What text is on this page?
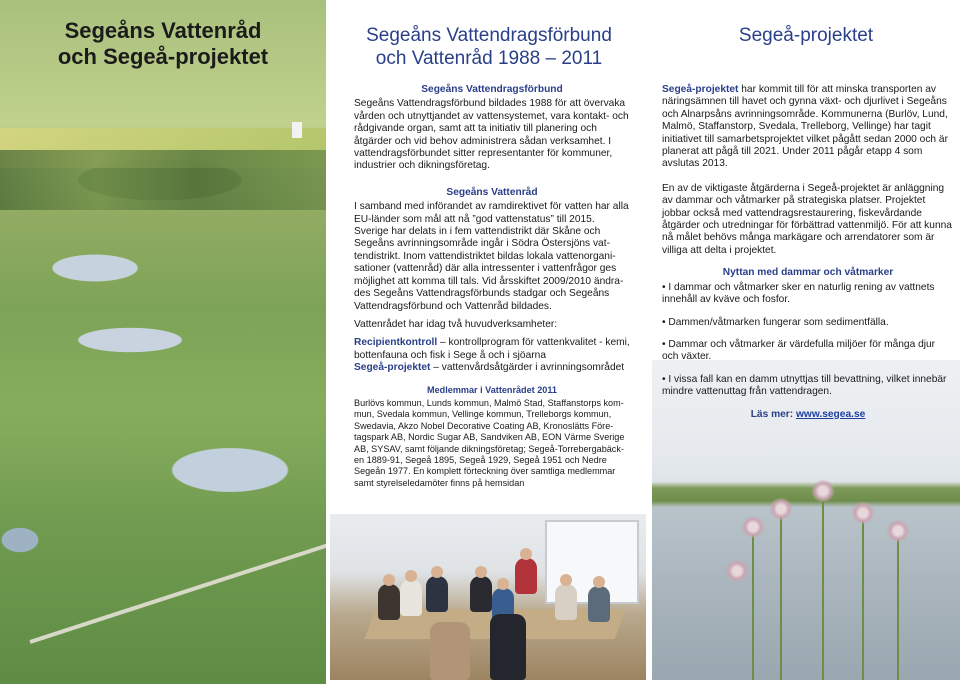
Segeåns Vattenråd
och Segeå-projektet
Segeåns Vattendragsförbund
och Vattenråd 1988 – 2011
Segeåns Vattendragsförbund

Segeåns Vattendragsförbund bildades 1988 för att övervaka vården och utnyttjandet av vattensystemet, vara kontakt- och rådgivande organ, samt att ta initiativ till planering och åtgärder och vid behov administrera sådan verksamhet. I vattendragsförbundet sitter representanter för kommuner, industrier och dikningsföretag.

Segeåns Vattenråd

I samband med införandet av ramdirektivet för vatten har alla EU-länder som mål att nå ”god vattenstatus” till 2015. Sverige har delats in i fem vattendistrikt där Skåne och Segeåns avrinningsområde ingår i Södra Östersjöns vattendistrikt. Inom vattendistriktet bildas lokala vattenorganisationer (vattenråd) där alla intressenter i vattenfrågor ges möjlighet att komma till tals. Vid årsskiftet 2009/2010 ändrades Segeåns Vattendragsförbunds stadgar och Segeåns Vattendragsförbund och Vattenråd bildades.

Vattenrådet har idag två huvudverksamheter:

Recipientkontroll – kontrollprogram för vattenkvalitet - kemi, bottenfauna och fisk i Sege å och i sjöarna
Segeå-projektet – vattenvårdsåtgärder i avrinningsområdet

Medlemmar i Vattenrådet 2011

Burlövs kommun, Lunds kommun, Malmö Stad, Staffanstorps kommun, Svedala kommun, Vellinge kommun, Trelleborgs kommun, Swedavia, Akzo Nobel Decorative Coating AB, Kronoslätts Företagspark AB, Nordic Sugar AB, Sandviken AB, EON Värme Sverige AB, SYSAV, samt följande dikningsföretag; Segeå-Torrebergabäcken 1889-91, Segeå 1895, Segeå 1929, Segeå 1951 och Nedre Segeån 1977. En komplett förteckning över samtliga medlemmar samt styrelseledamöter finns på hemsidan

Segeå-projektet

Segeå-projektet har kommit till för att minska transporten av näringsämnen till havet och gynna växt- och djurlivet i Segeåns och Alnarpsåns avrinningsområde. Kommunerna (Burlöv, Lund, Malmö, Staffanstorp, Svedala, Trelleborg, Vellinge) har tagit initiativet till samarbetsprojektet vilket pågått sedan 2000 och är planerat att pågå till 2021. Under 2011 pågår etapp 4 som avslutas 2013.

En av de viktigaste åtgärderna i Segeå-projektet är anläggning av dammar och våtmarker på strategiska platser. Projektet jobbar också med vattendragsrestaurering, fiskevårdande åtgärder och utredningar för förbättrad vattenmiljö. För att kunna nå målet behövs många markägare och arrendatorer som är villiga att delta i projektet.

Nyttan med dammar och våtmarker
• I dammar och våtmarker sker en naturlig rening av vattnets innehåll av kväve och fosfor.
• Dammen/våtmarken fungerar som sedimentfälla.
• Dammar och våtmarker är värdefulla miljöer för många djur och växter.
• I vissa fall kan en damm utnyttjas till bevattning, vilket innebär mindre vattenuttag från vattendragen.
Läs mer: www.segea.se
